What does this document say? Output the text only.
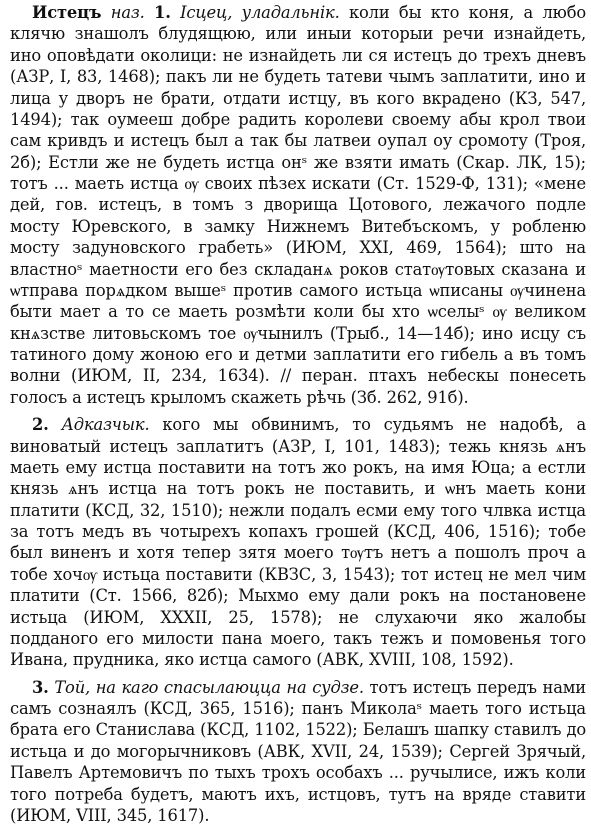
Истецъ наз. 1. Ісцец, уладальнік. коли бы кто коня, а любо клячю знашолъ блудящюю, или иныи которыи речи изнайдеть, ино оповѣдати околици: не изнайдеть ли ся истецъ до трехъ дневъ (АЗР, I, 83, 1468); пакъ ли не будеть татеви чымъ заплатити, ино и лица у дворъ не брати, отдати истцу, въ кого вкрадено (КЗ, 547, 1494); так оумееш добре радить королеви своему абы крол твои сам кривдъ и истецъ был а так бы латвеи оупал оу сромоту (Троя, 2б); Естли же не будеть истца онˢ же взяти имать (Скар. ЛК, 15); тотъ ... маеть истца ѹ своих пѣзех искати (Ст. 1529-Ф, 131); «мене дей, гов. истецъ, в томъ з дворища Цотового, лежачого подле мосту Юревского, в замку Нижнемъ Витебъскомъ, у робленю мосту задуновского грабеть» (ИЮМ, XXI, 469, 1564); што на властноˢ маетности его без складанѧ роков статѹтовых сказана и ѡтправа порѧдком вышеˢ против самого истьца ѡписаны ѹчинена быти мает а то се маеть розмѣти коли бы хто ѡселыˢ ѹ великом кнѧзстве литовьскомъ тое ѹчынилъ (Трыб., 14—14б); ино исцу съ татиного дому жоною его и детми заплатити его гибель а въ томъ волни (ИЮМ, II, 234, 1634). // перан. птахъ небескы понесеть голосъ а истецъ крыломъ скажеть рѣчь (Зб. 262, 91б).

2. Адказчык. кого мы обвинимъ, то судьямъ не надобѣ, а виноватый истецъ заплатитъ (АЗР, I, 101, 1483); тежь князь ѧнъ маеть ему истца поставити на тотъ жо рокъ, на имя Юца; а естли князь ѧнъ истца на тотъ рокъ не поставить, и ѡнъ маеть кони платити (КСД, 32, 1510); нежли подалъ есми ему того члвка истца за тотъ медъ въ чотырехъ копахъ грошей (КСД, 406, 1516); тобе был виненъ и хотя тепер зятя моего тѹтъ нетъ а пошолъ проч а тобе хочѹ истьца поставити (КВЗС, 3, 1543); тот истец не мел чим платити (Ст. 1566, 82б); Мыхмо ему дали рокъ на постановене истьца (ИЮМ, XXXII, 25, 1578); не слухаючи яко жалобы подданого его милости пана моего, такъ тежъ и помовенья того Ивана, прудника, яко истца самого (АВК, XVIII, 108, 1592).

3. Той, на каго спасылаюцца на судзе. тотъ истецъ передъ нами самъ сознаялъ (КСД, 365, 1516); панъ Миколаˢ маеть того истьца брата его Станислава (КСД, 1102, 1522); Белашъ шапку ставилъ до истьца и до могорычниковъ (АВК, XVII, 24, 1539); Сергей Зрячый, Павелъ Артемовичъ по тыхъ трохъ особахъ ... ручылисе, ижъ коли того потреба будетъ, маютъ ихъ, истцовъ, тутъ на вряде ставити (ИЮМ, VIII, 345, 1617).
